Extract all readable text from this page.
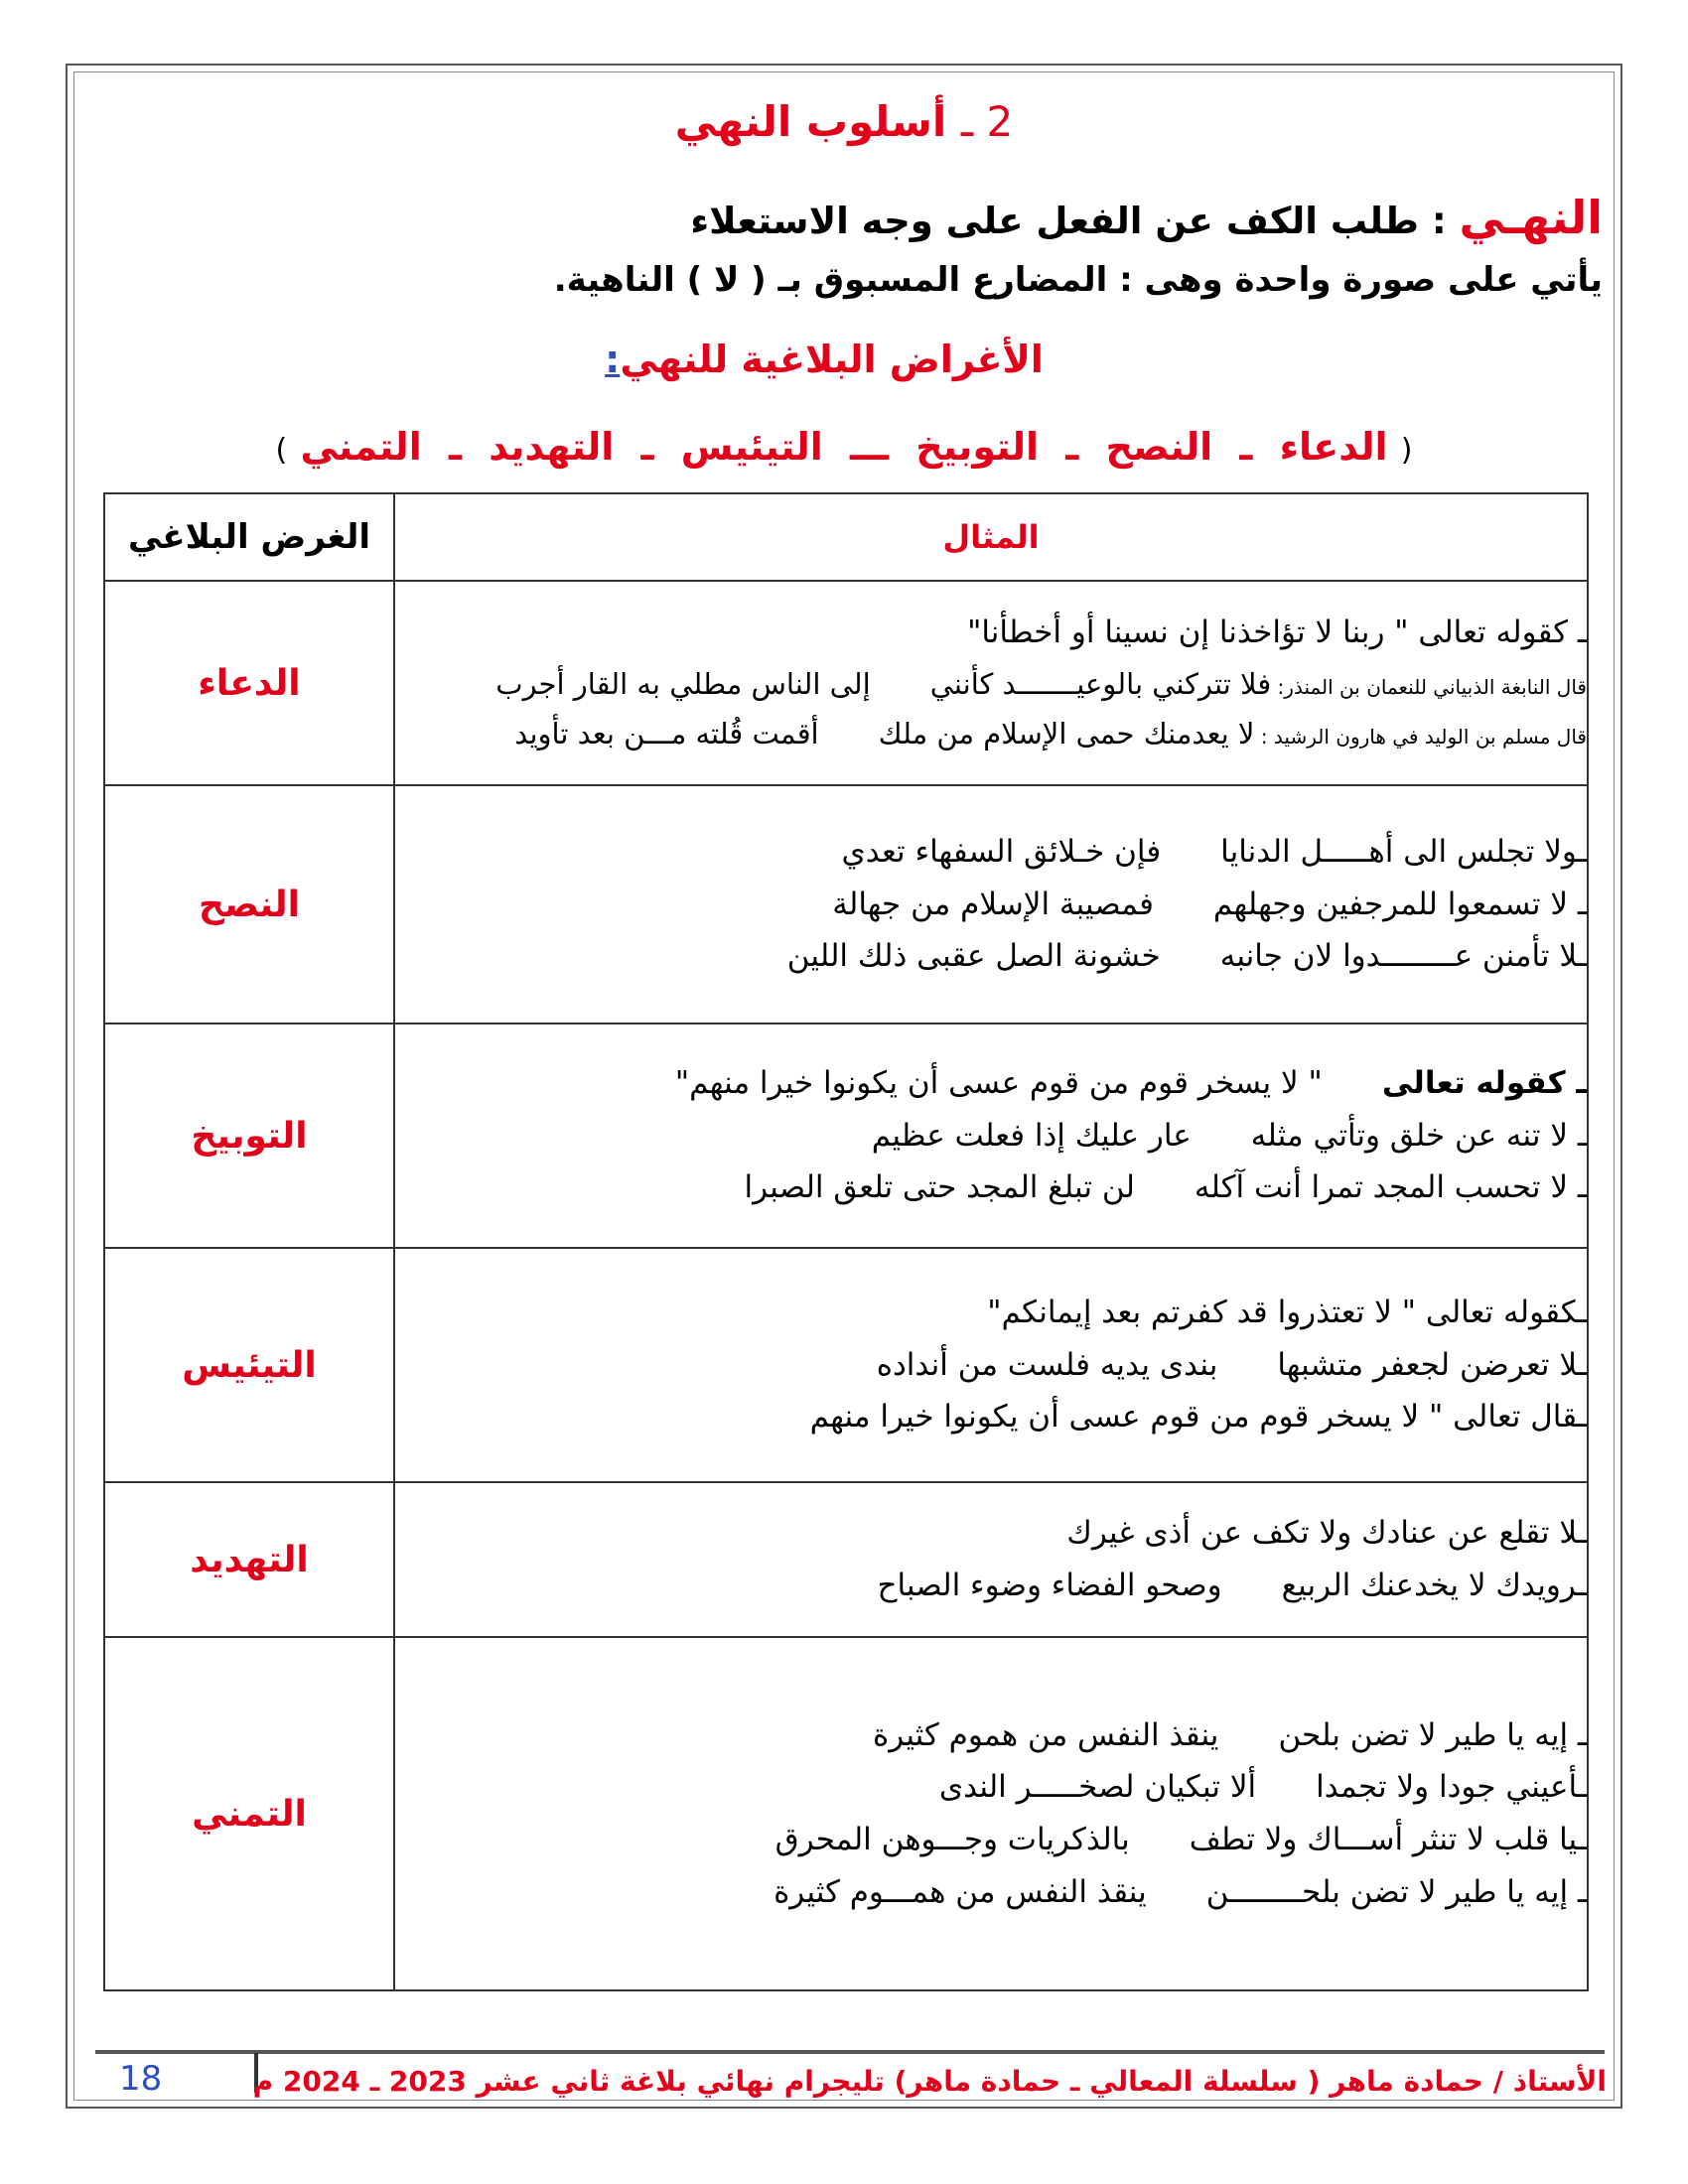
2 ـ أسلوب النهي
النهـي : طلب الكف عن الفعل على وجه الاستعلاء
يأتي على صورة واحدة وهى : المضارع المسبوق بـ ( لا ) الناهية.
الأغراض البلاغية للنهي:
( الدعاء ـ النصح ـ التوبيخ ـــ التيئيس ـ التهديد ـ التمني )
المثال	الغرض البلاغي

ـ كقوله تعالى " ربنا لا تؤاخذنا إن نسينا أو أخطأنا"

قال النابغة الذبياني للنعمان بن المنذر: فلا تتركني بالوعيـــــــد كأننيإلى الناس مطلي به القار أجرب

قال مسلم بن الوليد في هارون الرشيد : لا يعدمنك حمى الإسلام من ملكأقمت قُلته مـــن بعد تأويد	الدعاء

ـولا تجلس الى أهـــــل الدنايافإن خـلائق السفهاء تعدي

ـ لا تسمعوا للمرجفين وجهلهمفمصيبة الإسلام من جهالة

ـلا تأمنن عــــــــدوا لان جانبهخشونة الصل عقبى ذلك اللين	النصح

ـ كقوله تعالى" لا يسخر قوم من قوم عسى أن يكونوا خيرا منهم"

ـ لا تنه عن خلق وتأتي مثلهعار عليك إذا فعلت عظيم

ـ لا تحسب المجد تمرا أنت آكلهلن تبلغ المجد حتى تلعق الصبرا	التوبيخ

ـكقوله تعالى " لا تعتذروا قد كفرتم بعد إيمانكم"

ـلا تعرضن لجعفر متشبهابندى يديه فلست من أنداده

ـقال تعالى " لا يسخر قوم من قوم عسى أن يكونوا خيرا منهم	التيئيس

ـلا تقلع عن عنادك ولا تكف عن أذى غيرك

ـرويدك لا يخدعنك الربيعوصحو الفضاء وضوء الصباح	التهديد

ـ إيه يا طير لا تضن بلحنينقذ النفس من هموم كثيرة

ـأعيني جودا ولا تجمداألا تبكيان لصخـــــر الندى

ـيا قلب لا تنثر أســـاك ولا تطفبالذكريات وجـــوهن المحرق

ـ إيه يا طير لا تضن بلحــــــــنينقذ النفس من همـــوم كثيرة	التمني
الأستاذ / حمادة ماهر ( سلسلة المعالي ـ حمادة ماهر) تليجرام نهائي بلاغة ثاني عشر 2023 ـ 2024 م
18
